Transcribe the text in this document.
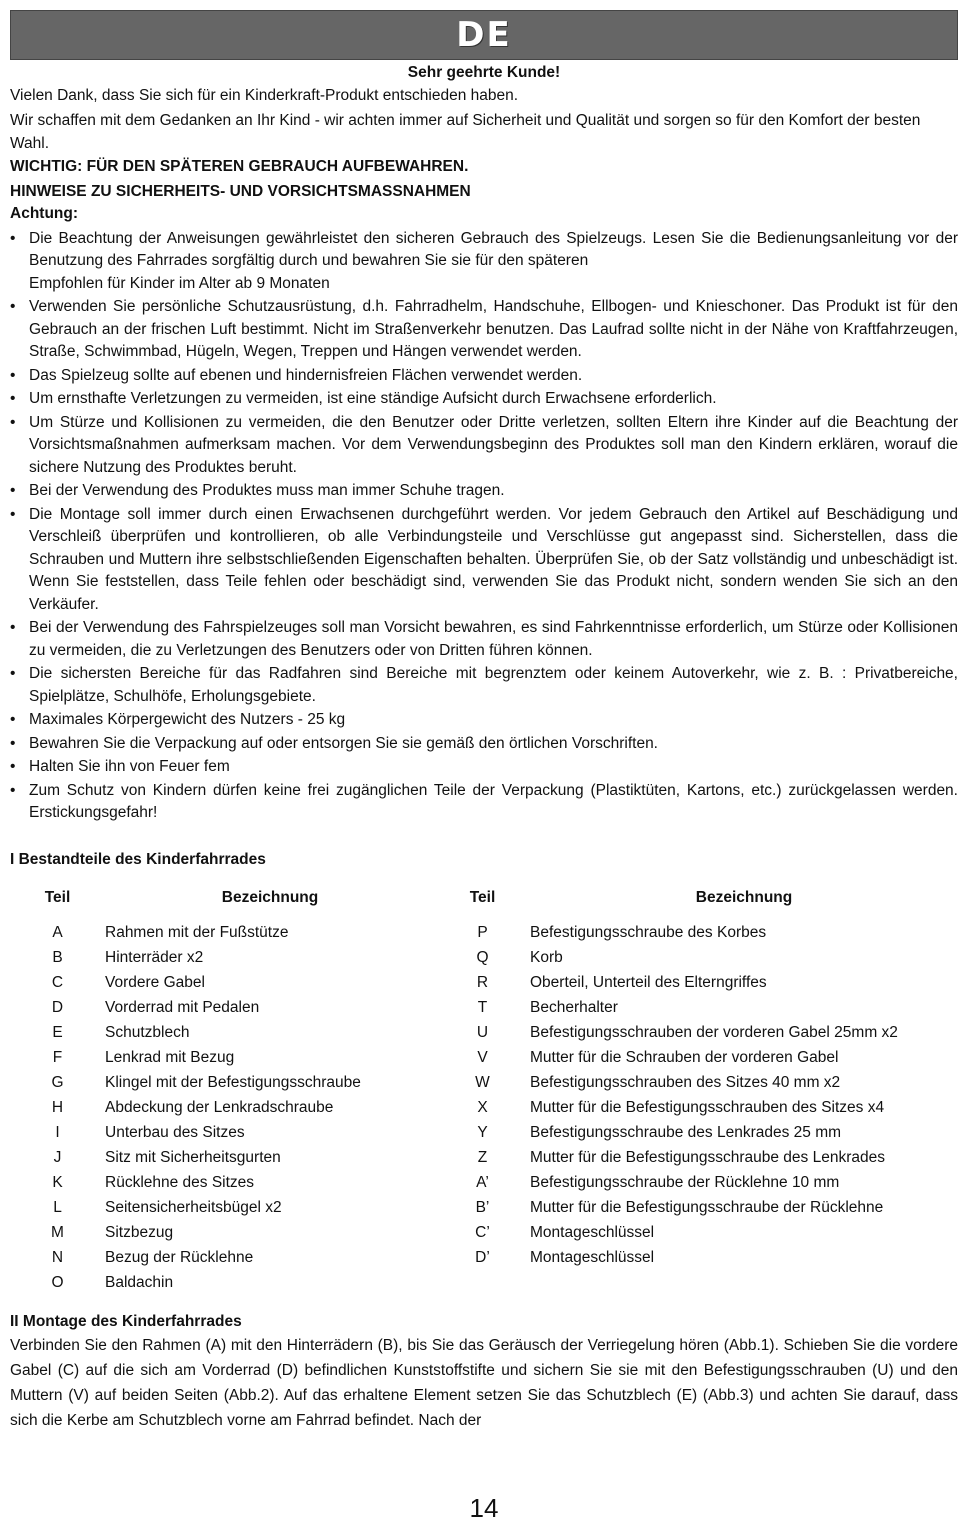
DE

Sehr geehrte Kunde!

Vielen Dank, dass Sie sich für ein Kinderkraft-Produkt entschieden haben.

Wir schaffen mit dem Gedanken an Ihr Kind - wir achten immer auf Sicherheit und Qualität und sorgen so für den Komfort der besten Wahl.

WICHTIG: FÜR DEN SPÄTEREN GEBRAUCH AUFBEWAHREN.

HINWEISE ZU SICHERHEITS- UND VORSICHTSMASSNAHMEN

Achtung:

• Die Beachtung der Anweisungen gewährleistet den sicheren Gebrauch des Spielzeugs. Lesen Sie die Bedienungsanleitung vor der Benutzung des Fahrrades sorgfältig durch und bewahren Sie sie für den späteren
Empfohlen für Kinder im Alter ab 9 Monaten
• Verwenden Sie persönliche Schutzausrüstung, d.h. Fahrradhelm, Handschuhe, Ellbogen- und Knieschoner. Das Produkt ist für den Gebrauch an der frischen Luft bestimmt. Nicht im Straßenverkehr benutzen. Das Laufrad sollte nicht in der Nähe von Kraftfahrzeugen, Straße, Schwimmbad, Hügeln, Wegen, Treppen und Hängen verwendet werden.
• Das Spielzeug sollte auf ebenen und hindernisfreien Flächen verwendet werden.
• Um ernsthafte Verletzungen zu vermeiden, ist eine ständige Aufsicht durch Erwachsene erforderlich.
• Um Stürze und Kollisionen zu vermeiden, die den Benutzer oder Dritte verletzen, sollten Eltern ihre Kinder auf die Beachtung der Vorsichtsmaßnahmen aufmerksam machen. Vor dem Verwendungsbeginn des Produktes soll man den Kindern erklären, worauf die sichere Nutzung des Produktes beruht.
• Bei der Verwendung des Produktes muss man immer Schuhe tragen.
• Die Montage soll immer durch einen Erwachsenen durchgeführt werden. Vor jedem Gebrauch den Artikel auf Beschädigung und Verschleiß überprüfen und kontrollieren, ob alle Verbindungsteile und Verschlüsse gut angepasst sind. Sicherstellen, dass die Schrauben und Muttern ihre selbstschließenden Eigenschaften behalten. Überprüfen Sie, ob der Satz vollständig und unbeschädigt ist. Wenn Sie feststellen, dass Teile fehlen oder beschädigt sind, verwenden Sie das Produkt nicht, sondern wenden Sie sich an den Verkäufer.
• Bei der Verwendung des Fahrspielzeuges soll man Vorsicht bewahren, es sind Fahrkenntnisse erforderlich, um Stürze oder Kollisionen zu vermeiden, die zu Verletzungen des Benutzers oder von Dritten führen können.
• Die sichersten Bereiche für das Radfahren sind Bereiche mit begrenztem oder keinem Autoverkehr, wie z. B. : Privatbereiche, Spielplätze, Schulhöfe, Erholungsgebiete.
• Maximales Körpergewicht des Nutzers - 25 kg
• Bewahren Sie die Verpackung auf oder entsorgen Sie sie gemäß den örtlichen Vorschriften.
• Halten Sie ihn von Feuer fem
• Zum Schutz von Kindern dürfen keine frei zugänglichen Teile der Verpackung (Plastiktüten, Kartons, etc.) zurückgelassen werden. Erstickungsgefahr!

I Bestandteile des Kinderfahrrades

Teil	Bezeichnung	Teil	Bezeichnung
A	Rahmen mit der Fußstütze	P	Befestigungsschraube des Korbes
B	Hinterräder x2	Q	Korb
C	Vordere Gabel	R	Oberteil, Unterteil des Elterngriffes
D	Vorderrad mit Pedalen	T	Becherhalter
E	Schutzblech	U	Befestigungsschrauben der vorderen Gabel 25mm x2
F	Lenkrad mit Bezug	V	Mutter für die Schrauben der vorderen Gabel
G	Klingel mit der Befestigungsschraube	W	Befestigungsschrauben des Sitzes 40 mm x2
H	Abdeckung der Lenkradschraube	X	Mutter für die Befestigungsschrauben des Sitzes x4
I	Unterbau des Sitzes	Y	Befestigungsschraube des Lenkrades 25 mm
J	Sitz mit Sicherheitsgurten	Z	Mutter für die Befestigungsschraube des Lenkrades
K	Rücklehne des Sitzes	A’	Befestigungsschraube der Rücklehne 10 mm
L	Seitensicherheitsbügel x2	B’	Mutter für die Befestigungsschraube der Rücklehne
M	Sitzbezug	C’	Montageschlüssel
N	Bezug der Rücklehne	D’	Montageschlüssel
O	Baldachin		

II Montage des Kinderfahrrades

Verbinden Sie den Rahmen (A) mit den Hinterrädern (B), bis Sie das Geräusch der Verriegelung hören (Abb.1). Schieben Sie die vordere Gabel (C) auf die sich am Vorderrad (D) befindlichen Kunststoffstifte und sichern Sie sie mit den Befestigungsschrauben (U) und den Muttern (V) auf beiden Seiten (Abb.2). Auf das erhaltene Element setzen Sie das Schutzblech (E) (Abb.3) und achten Sie darauf, dass sich die Kerbe am Schutzblech vorne am Fahrrad befindet. Nach der

14
